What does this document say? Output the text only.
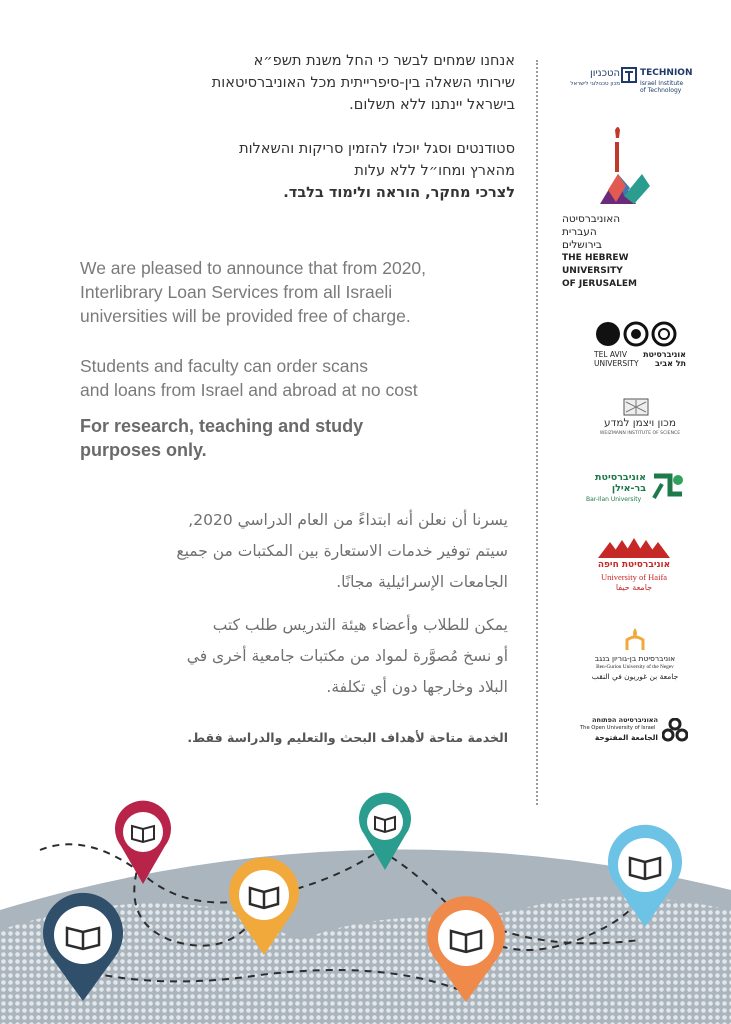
אנחנו שמחים לבשר כי החל משנת תשפ״א
שירותי השאלה בין-סיפרייתית מכל האוניברסיטאות
בישראל יינתנו ללא תשלום.
סטודנטים וסגל יוכלו להזמין סריקות והשאלות
מהארץ ומחו״ל ללא עלות
לצרכי מחקר, הוראה ולימוד בלבד.
We are pleased to announce that from 2020,
Interlibrary Loan Services from all Israeli
universities will be provided free of charge.
Students and faculty can order scans
and loans from Israel and abroad at no cost
For research, teaching and study
purposes only.
يسرنا أن نعلن أنه ابتداءً من العام الدراسي 2020,
سيتم توفير خدمات الاستعارة بين المكتبات من جميع
الجامعات الإسرائيلية مجانًا.
يمكن للطلاب وأعضاء هيئة التدريس طلب كتب
أو نسخ مُصوَّرة لمواد من مكتبات جامعية أخرى في
البلاد وخارجها دون أي تكلفة.
الخدمة متاحة لأهداف البحث والتعليم والدراسة فقط.
הטכניון
מכון טכנולוגי לישראל
TECHNION
Israel Institute
of Technology
האוניברסיטה
העברית
בירושלים
THE HEBREW
UNIVERSITY
OF JERUSALEM
TEL AVIV
UNIVERSITY
אוניברסיטת
תל אביב
מכון ויצמן למדע
WEIZMANN INSTITUTE OF SCIENCE
אוניברסיטת
בר-אילן
Bar-Ilan University
אוניברסיטת חיפה
University of Haifa
جامعة حيفا
אוניברסיטת בן-גוריון בנגב
Ben-Gurion University of the Negev
جامعة بن غوريون في النقب
האוניברסיטה הפתוחה
The Open University of Israel
الجامعة المفتوحة
